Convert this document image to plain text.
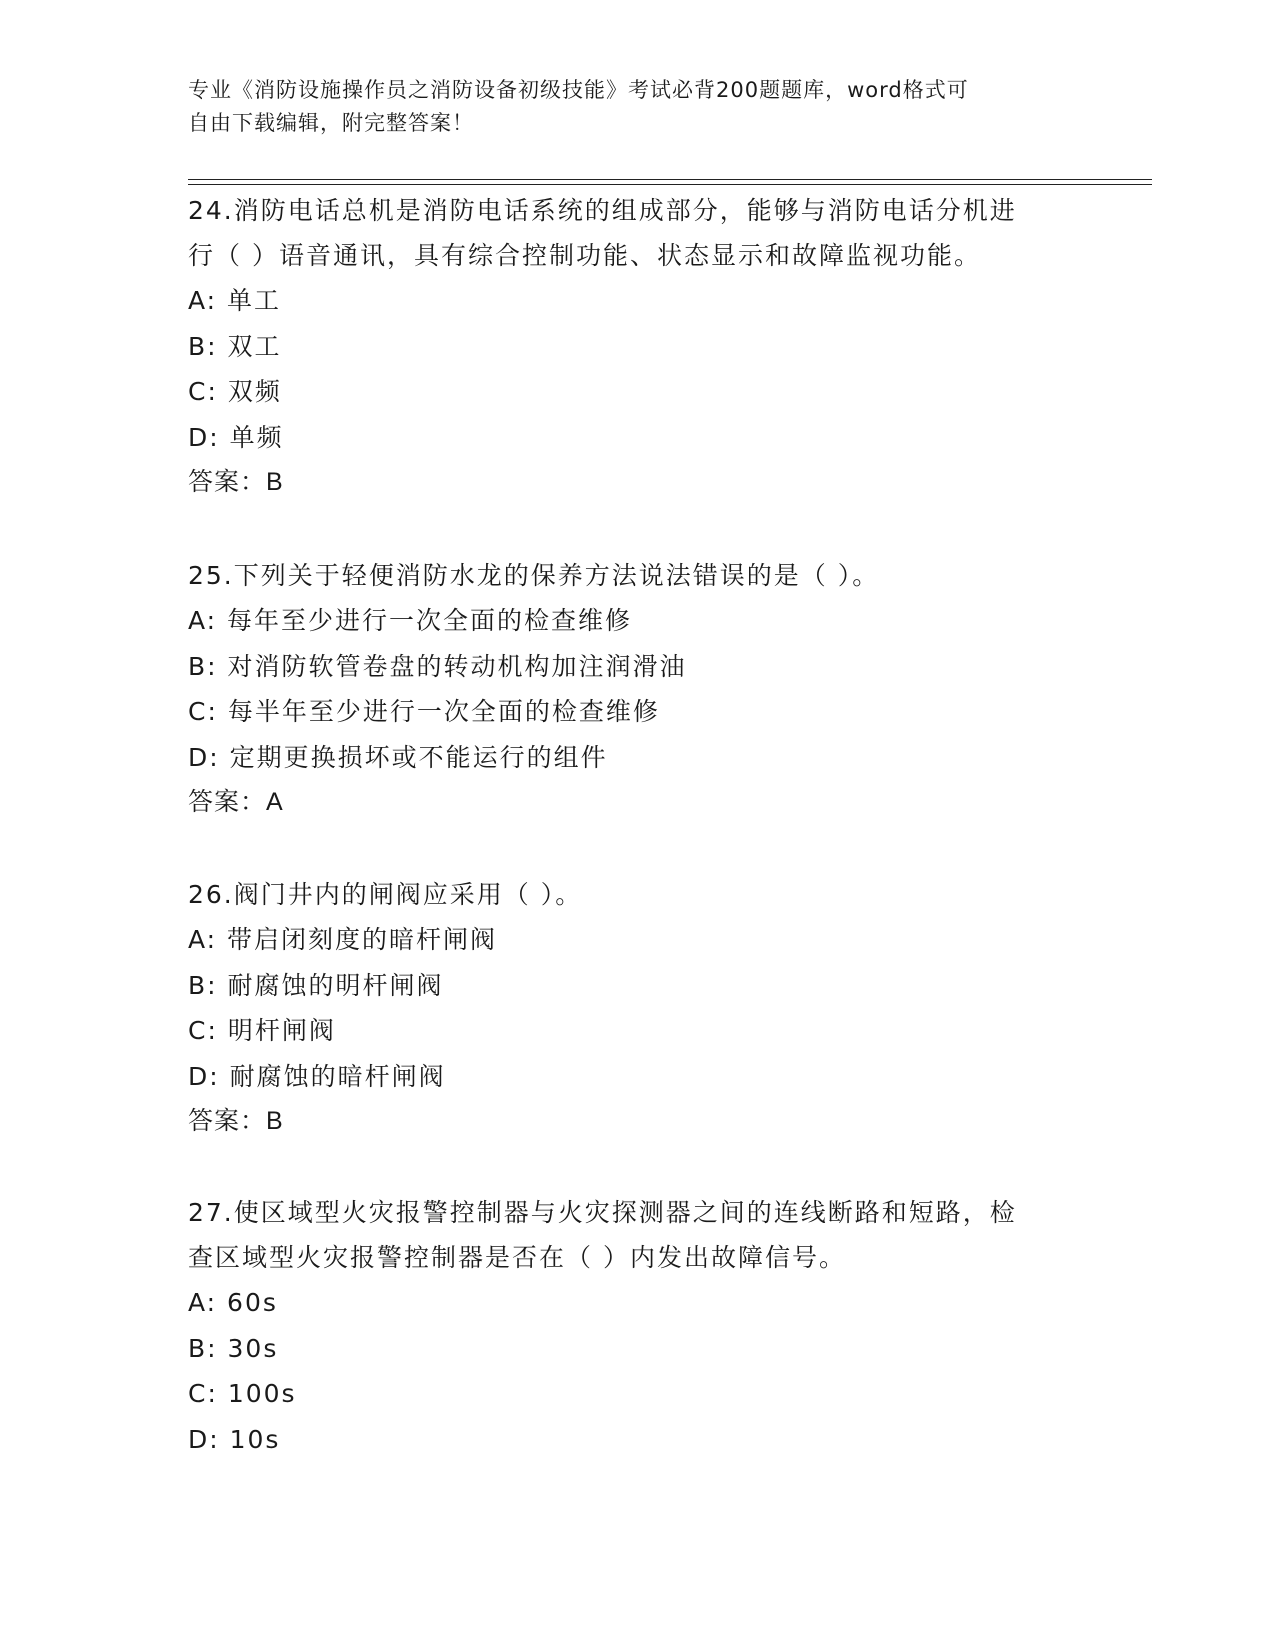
专业《消防设施操作员之消防设备初级技能》考试必背200题题库，word格式可
自由下载编辑，附完整答案！
24.消防电话总机是消防电话系统的组成部分，能够与消防电话分机进
行（ ）语音通讯，具有综合控制功能、状态显示和故障监视功能。
A: 单工
B: 双工
C: 双频
D: 单频
答案：B
25.下列关于轻便消防水龙的保养方法说法错误的是（ ）。
A: 每年至少进行一次全面的检查维修
B: 对消防软管卷盘的转动机构加注润滑油
C: 每半年至少进行一次全面的检查维修
D: 定期更换损坏或不能运行的组件
答案：A
26.阀门井内的闸阀应采用（ ）。
A: 带启闭刻度的暗杆闸阀
B: 耐腐蚀的明杆闸阀
C: 明杆闸阀
D: 耐腐蚀的暗杆闸阀
答案：B
27.使区域型火灾报警控制器与火灾探测器之间的连线断路和短路，检
查区域型火灾报警控制器是否在（ ）内发出故障信号。
A: 60s
B: 30s
C: 100s
D: 10s
